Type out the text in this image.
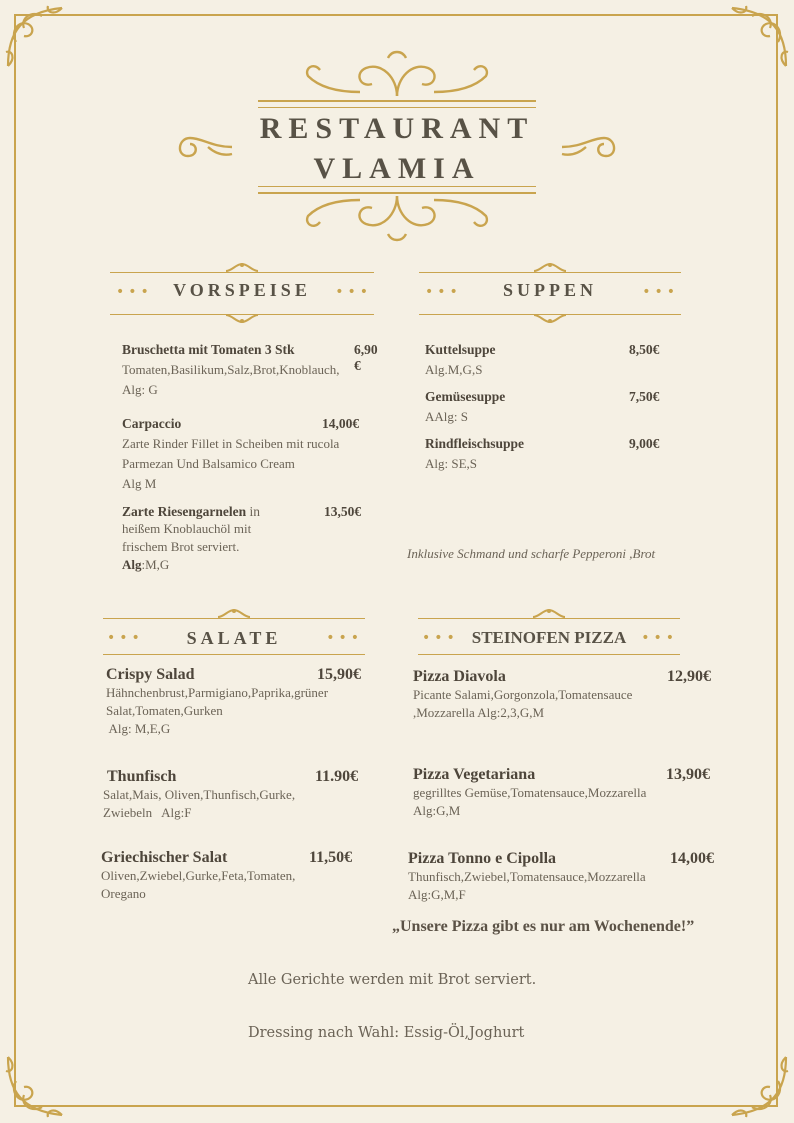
RESTAURANT
VLAMIA
•••	VORSPEISE	•••	•••	SUPPEN	•••
Bruschetta mit Tomaten 3 Stk	6,90 €
Tomaten,Basilikum,Salz,Brot,Knoblauch,
Alg: G
Carpaccio	14,00€
Zarte Rinder Fillet in Scheiben mit rucola
Parmezan Und Balsamico Cream
Alg M
Zarte Riesengarnelen in	13,50€
heißem Knoblauchöl mit
frischem Brot serviert.
Alg:M,G
Kuttelsuppe	8,50€
Alg.M,G,S
Gemüsesuppe	7,50€
AAlg: S
Rindfleischsuppe	9,00€
Alg: SE,S
Inklusive Schmand und scharfe Pepperoni ,Brot
•••	SALATE	•••	••• STEINOFEN PIZZA	•••
Crispy Salad	15,90€
Hähnchenbrust,Parmigiano,Paprika,grüner
Salat,Tomaten,Gurken
Alg: M,E,G
Thunfisch	11.90€
Salat,Mais, Oliven,Thunfisch,Gurke,
Zwiebeln   Alg:F
Griechischer Salat	11,50€
Oliven,Zwiebel,Gurke,Feta,Tomaten,
Oregano
Pizza Diavola	12,90€
Picante Salami,Gorgonzola,Tomatensauce
,Mozzarella Alg:2,3,G,M
Pizza Vegetariana	13,90€
gegrilltes Gemüse,Tomatensauce,Mozzarella
Alg:G,M
Pizza Tonno e Cipolla	14,00€
Thunfisch,Zwiebel,Tomatensauce,Mozzarella
Alg:G,M,F
„Unsere Pizza gibt es nur am Wochenende!”
Alle Gerichte werden mit Brot serviert.
Dressing nach Wahl: Essig-Öl,Joghurt
